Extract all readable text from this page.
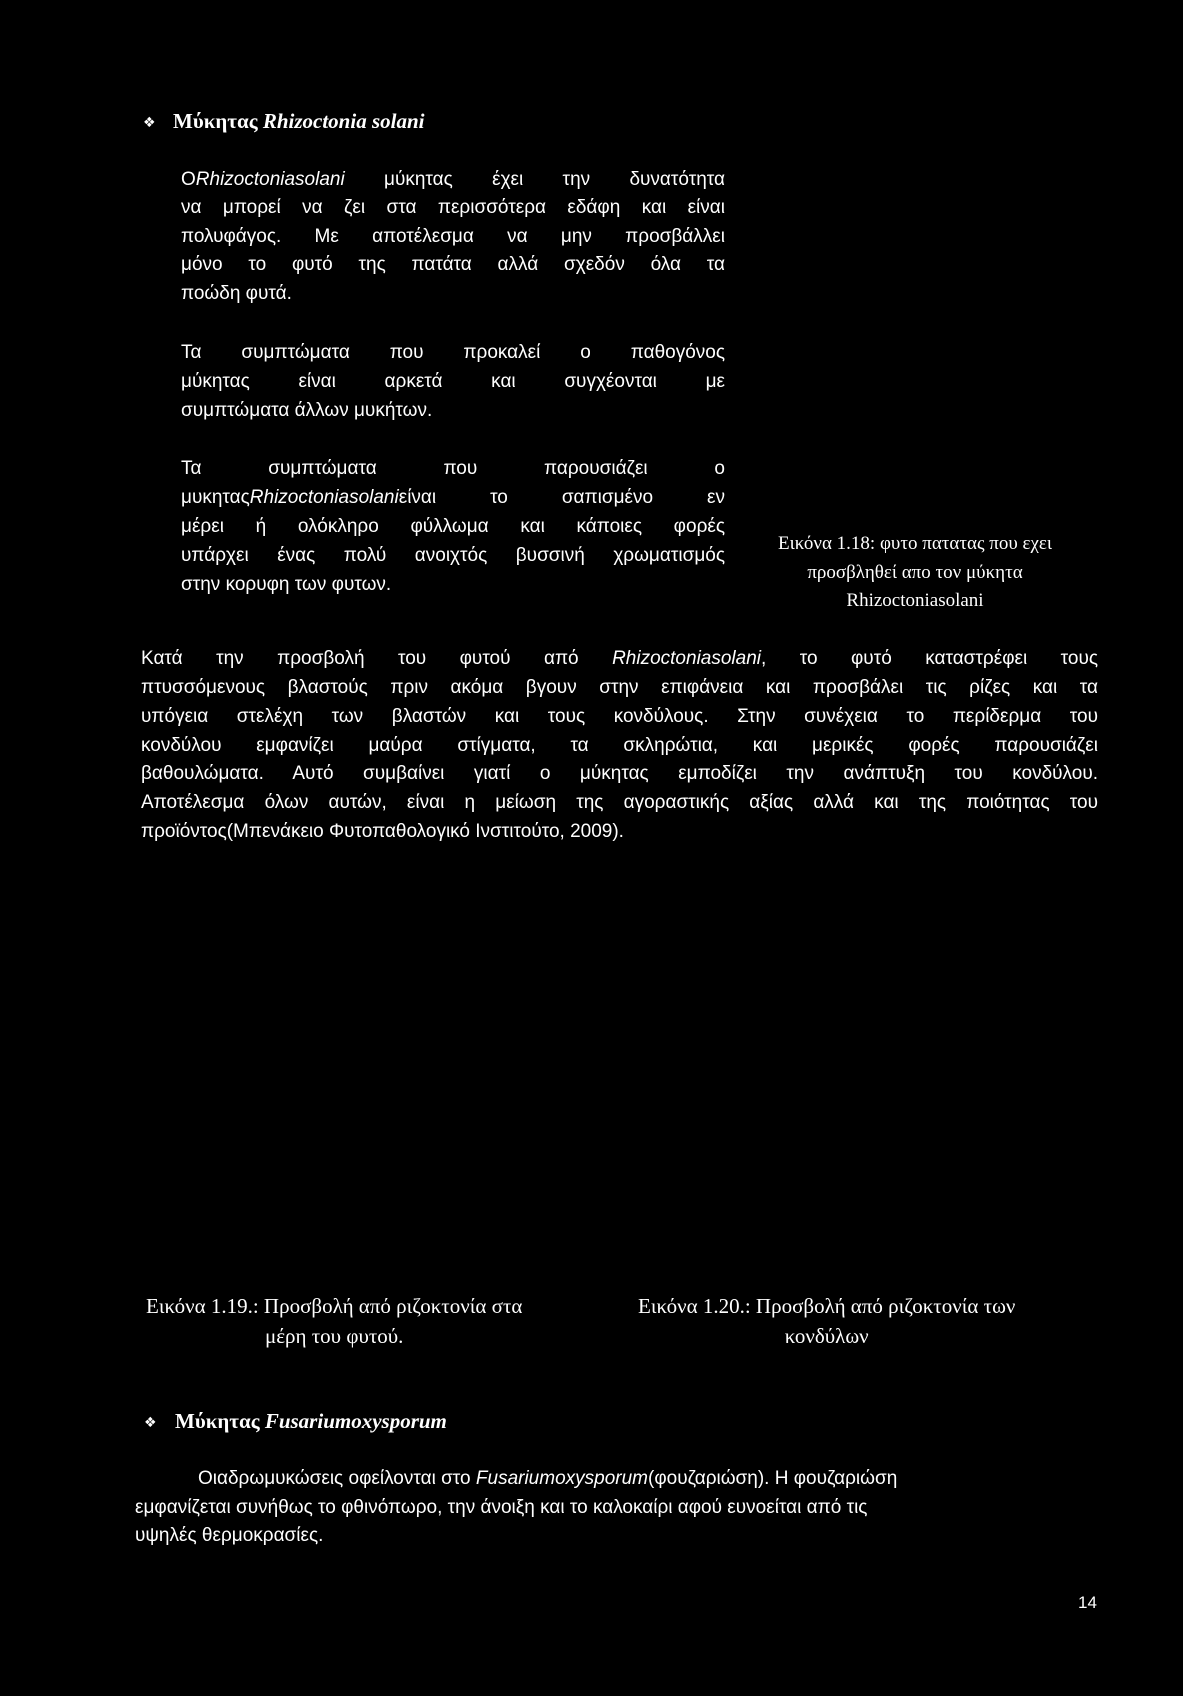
❖ Μύκητας Rhizoctonia solani
ΟRhizoctoniasolani μύκητας έχει την δυνατότητα
να μπορεί να ζει στα περισσότερα εδάφη και είναι
πολυφάγος. Με αποτέλεσμα να μην προσβάλλει
μόνο το φυτό της πατάτα αλλά σχεδόν όλα τα
ποώδη φυτά.
Τα συμπτώματα που προκαλεί ο παθογόνος
μύκητας είναι αρκετά και συγχέονται με
συμπτώματα άλλων μυκήτων.
Τα συμπτώματα που παρουσιάζει ο
μυκηταςRhizoctoniasolaniείναι το σαπισμένο εν
μέρει ή ολόκληρο φύλλωμα και κάποιες φορές
υπάρχει ένας πολύ ανοιχτός βυσσινή χρωματισμός
στην κορυφη των φυτων.
Εικόνα 1.18: φυτο πατατας που εχει
προσβληθεί απο τον μύκητα
Rhizoctoniasolani
Κατά την προσβολή του φυτού από Rhizoctoniasolani, το φυτό καταστρέφει τους
πτυσσόμενους βλαστούς πριν ακόμα βγουν στην επιφάνεια και προσβάλει τις ρίζες και τα
υπόγεια στελέχη των βλαστών και τους κονδύλους. Στην συνέχεια το περίδερμα του
κονδύλου εμφανίζει μαύρα στίγματα, τα σκληρώτια, και μερικές φορές παρουσιάζει
βαθουλώματα. Αυτό συμβαίνει γιατί ο μύκητας εμποδίζει την ανάπτυξη του κονδύλου.
Αποτέλεσμα όλων αυτών, είναι η μείωση της αγοραστικής αξίας αλλά και της ποιότητας του
προϊόντος(Μπενάκειο Φυτοπαθολογικό Ινστιτούτο, 2009).
Εικόνα 1.19.: Προσβολή από ριζοκτονία στα
μέρη του φυτού.
Εικόνα 1.20.: Προσβολή από ριζοκτονία των
κονδύλων
❖ Μύκητας Fusariumoxysporum
Οιαδρωμυκώσεις οφείλονται στο Fusariumoxysporum(φουζαριώση). Η φουζαριώση
εμφανίζεται συνήθως το φθινόπωρο, την άνοιξη και το καλοκαίρι αφού ευνοείται από τις
υψηλές θερμοκρασίες.
14
